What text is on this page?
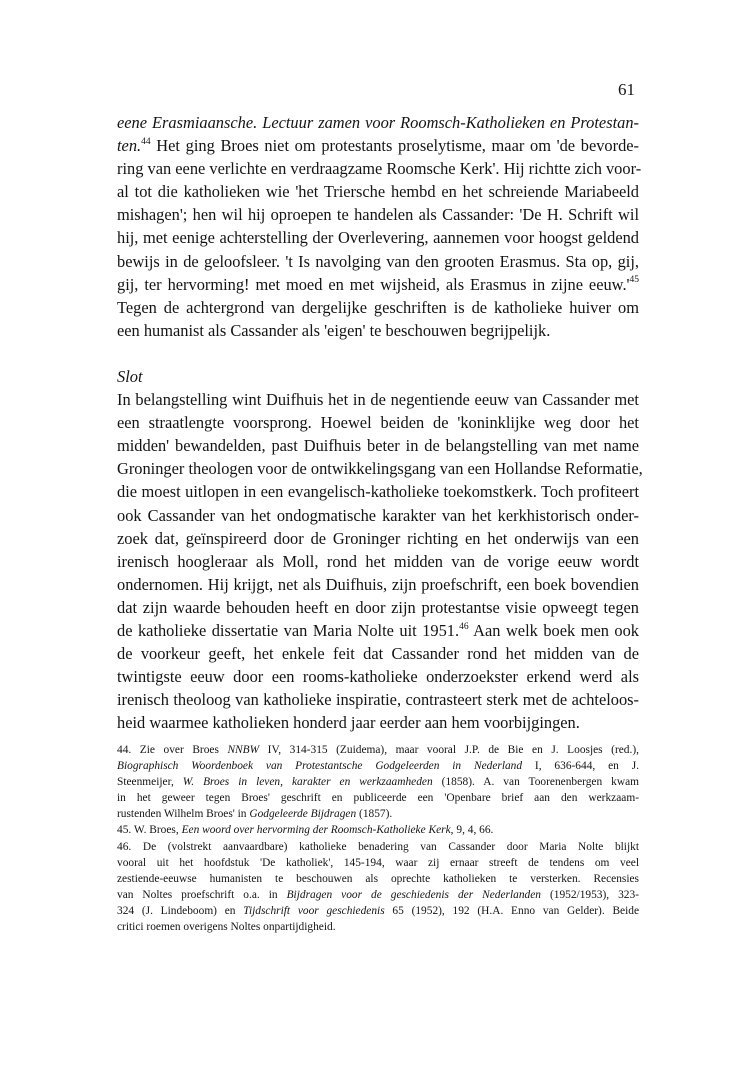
61

eene Erasmiaansche. Lectuur zamen voor Roomsch-Katholieken en Protestan-
ten.$^{44}$ Het ging Broes niet om protestants proselytisme, maar om 'de bevorde-
ring van eene verlichte en verdraagzame Roomsche Kerk'. Hij richtte zich voor-
al tot die katholieken wie 'het Triersche hembd en het schreiende Mariabeeld
mishagen'; hen wil hij oproepen te handelen als Cassander: 'De H. Schrift wil
hij, met eenige achterstelling der Overlevering, aannemen voor hoogst geldend
bewijs in de geloofsleer. 't Is navolging van den grooten Erasmus. Sta op, gij,
gij, ter hervorming! met moed en met wijsheid, als Erasmus in zijne $eeuw.'^{45}$
Tegen de achtergrond van dergelijke geschriften is de katholieke huiver om
een humanist als Cassander als 'eigen' te beschouwen begrijpelijk.

Slot

In belangstelling wint Duifhuis het in de negentiende eeuw van Cassander met
een straatlengte voorsprong. Hoewel beiden de 'koninklijke weg door het
midden' bewandelden, past Duifhuis beter in de belangstelling van met name
Groninger theologen voor de ontwikkelingsgang van een Hollandse Reformatie,
die moest uitlopen in een evangelisch-katholieke toekomstkerk. Toch profiteert
ook Cassander van het ondogmatische karakter van het kerkhistorisch onder-
zoek dat, geïnspireerd door de Groninger richting en het onderwijs van een
irenisch hoogleraar als Moll, rond het midden van de vorige eeuw wordt
ondernomen. Hij krijgt, net als Duifhuis, zijn proefschrift, een boek bovendien
dat zijn waarde behouden heeft en door zijn protestantse visie opweegt tegen
de katholieke dissertatie van Maria Nolte uit 1951.46 Aan welk boek men ook
de voorkeur geeft, het enkele feit dat Cassander rond het midden van de
twintigste eeuw door een rooms-katholieke onderzoekster erkend werd als
irenisch theoloog van katholieke inspiratie, contrasteert sterk met de achteloos-
heid waarmee katholieken honderd jaar eerder aan hem voorbijgingen.

44. Zie over Broes NNBW IV, 314-315 (Zuidema), maar vooral J.P. de Bie en J. Loosjes (red.),
Biographisch Woordenboek van Protestantsche Godgeleerden in Nederland I, 636-644, en J.
Steenmeijer, W. Broes in leven, karakter en werkzaamheden (1858). A. van Toorenenbergen kwam
in het geweer tegen Broes' geschrift en publiceerde een 'Openbare brief aan den werkzaam-
rustenden Wilhelm Broes' in Godgeleerde Bijdragen (1857).

45. W. Broes, Een woord over hervorming der Roomsch-Katholieke Kerk, 9, 4, 66.

46. De (volstrekt aanvaardbare) katholieke benadering van Cassander door Maria Nolte blijkt
vooral uit het hoofdstuk 'De katholiek', 145-194, waar zij ernaar streeft de tendens om veel
zestiende-eeuwse humanisten te beschouwen als oprechte katholieken te versterken. Recensies
van Noltes proefschrift o.a. in Bijdragen voor de geschiedenis der Nederlanden (1952/1953), 323-
324 (J. Lindeboom) en Tijdschrift voor geschiedenis 65 (1952), 192 (H.A. Enno van Gelder). Beide
critici roemen overigens Noltes onpartijdigheid.
